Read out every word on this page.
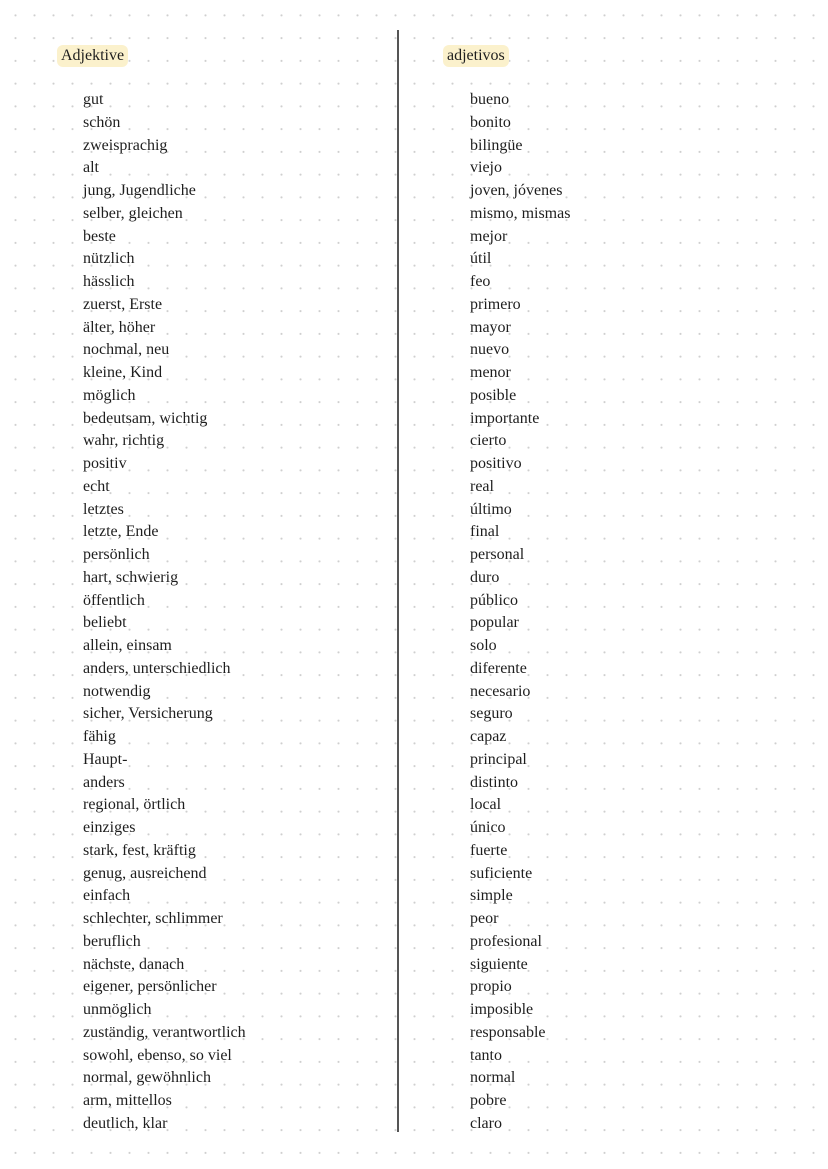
Adjektive	adjetivos
gut
schön
zweisprachig
alt
jung, Jugendliche
selber, gleichen
beste
nützlich
hässlich
zuerst, Erste
älter, höher
nochmal, neu
kleine, Kind
möglich
bedeutsam, wichtig
wahr, richtig
positiv
echt
letztes
letzte, Ende
persönlich
hart, schwierig
öffentlich
beliebt
allein, einsam
anders, unterschiedlich
notwendig
sicher, Versicherung
fähig
Haupt-
anders
regional, örtlich
einziges
stark, fest, kräftig
genug, ausreichend
einfach
schlechter, schlimmer
beruflich
nächste, danach
eigener, persönlicher
unmöglich
zuständig, verantwortlich
sowohl, ebenso, so viel
normal, gewöhnlich
arm, mittellos
deutlich, klar
bueno
bonito
bilingüe
viejo
joven, jóvenes
mismo, mismas
mejor
útil
feo
primero
mayor
nuevo
menor
posible
importante
cierto
positivo
real
último
final
personal
duro
público
popular
solo
diferente
necesario
seguro
capaz
principal
distinto
local
único
fuerte
suficiente
simple
peor
profesional
siguiente
propio
imposible
responsable
tanto
normal
pobre
claro
